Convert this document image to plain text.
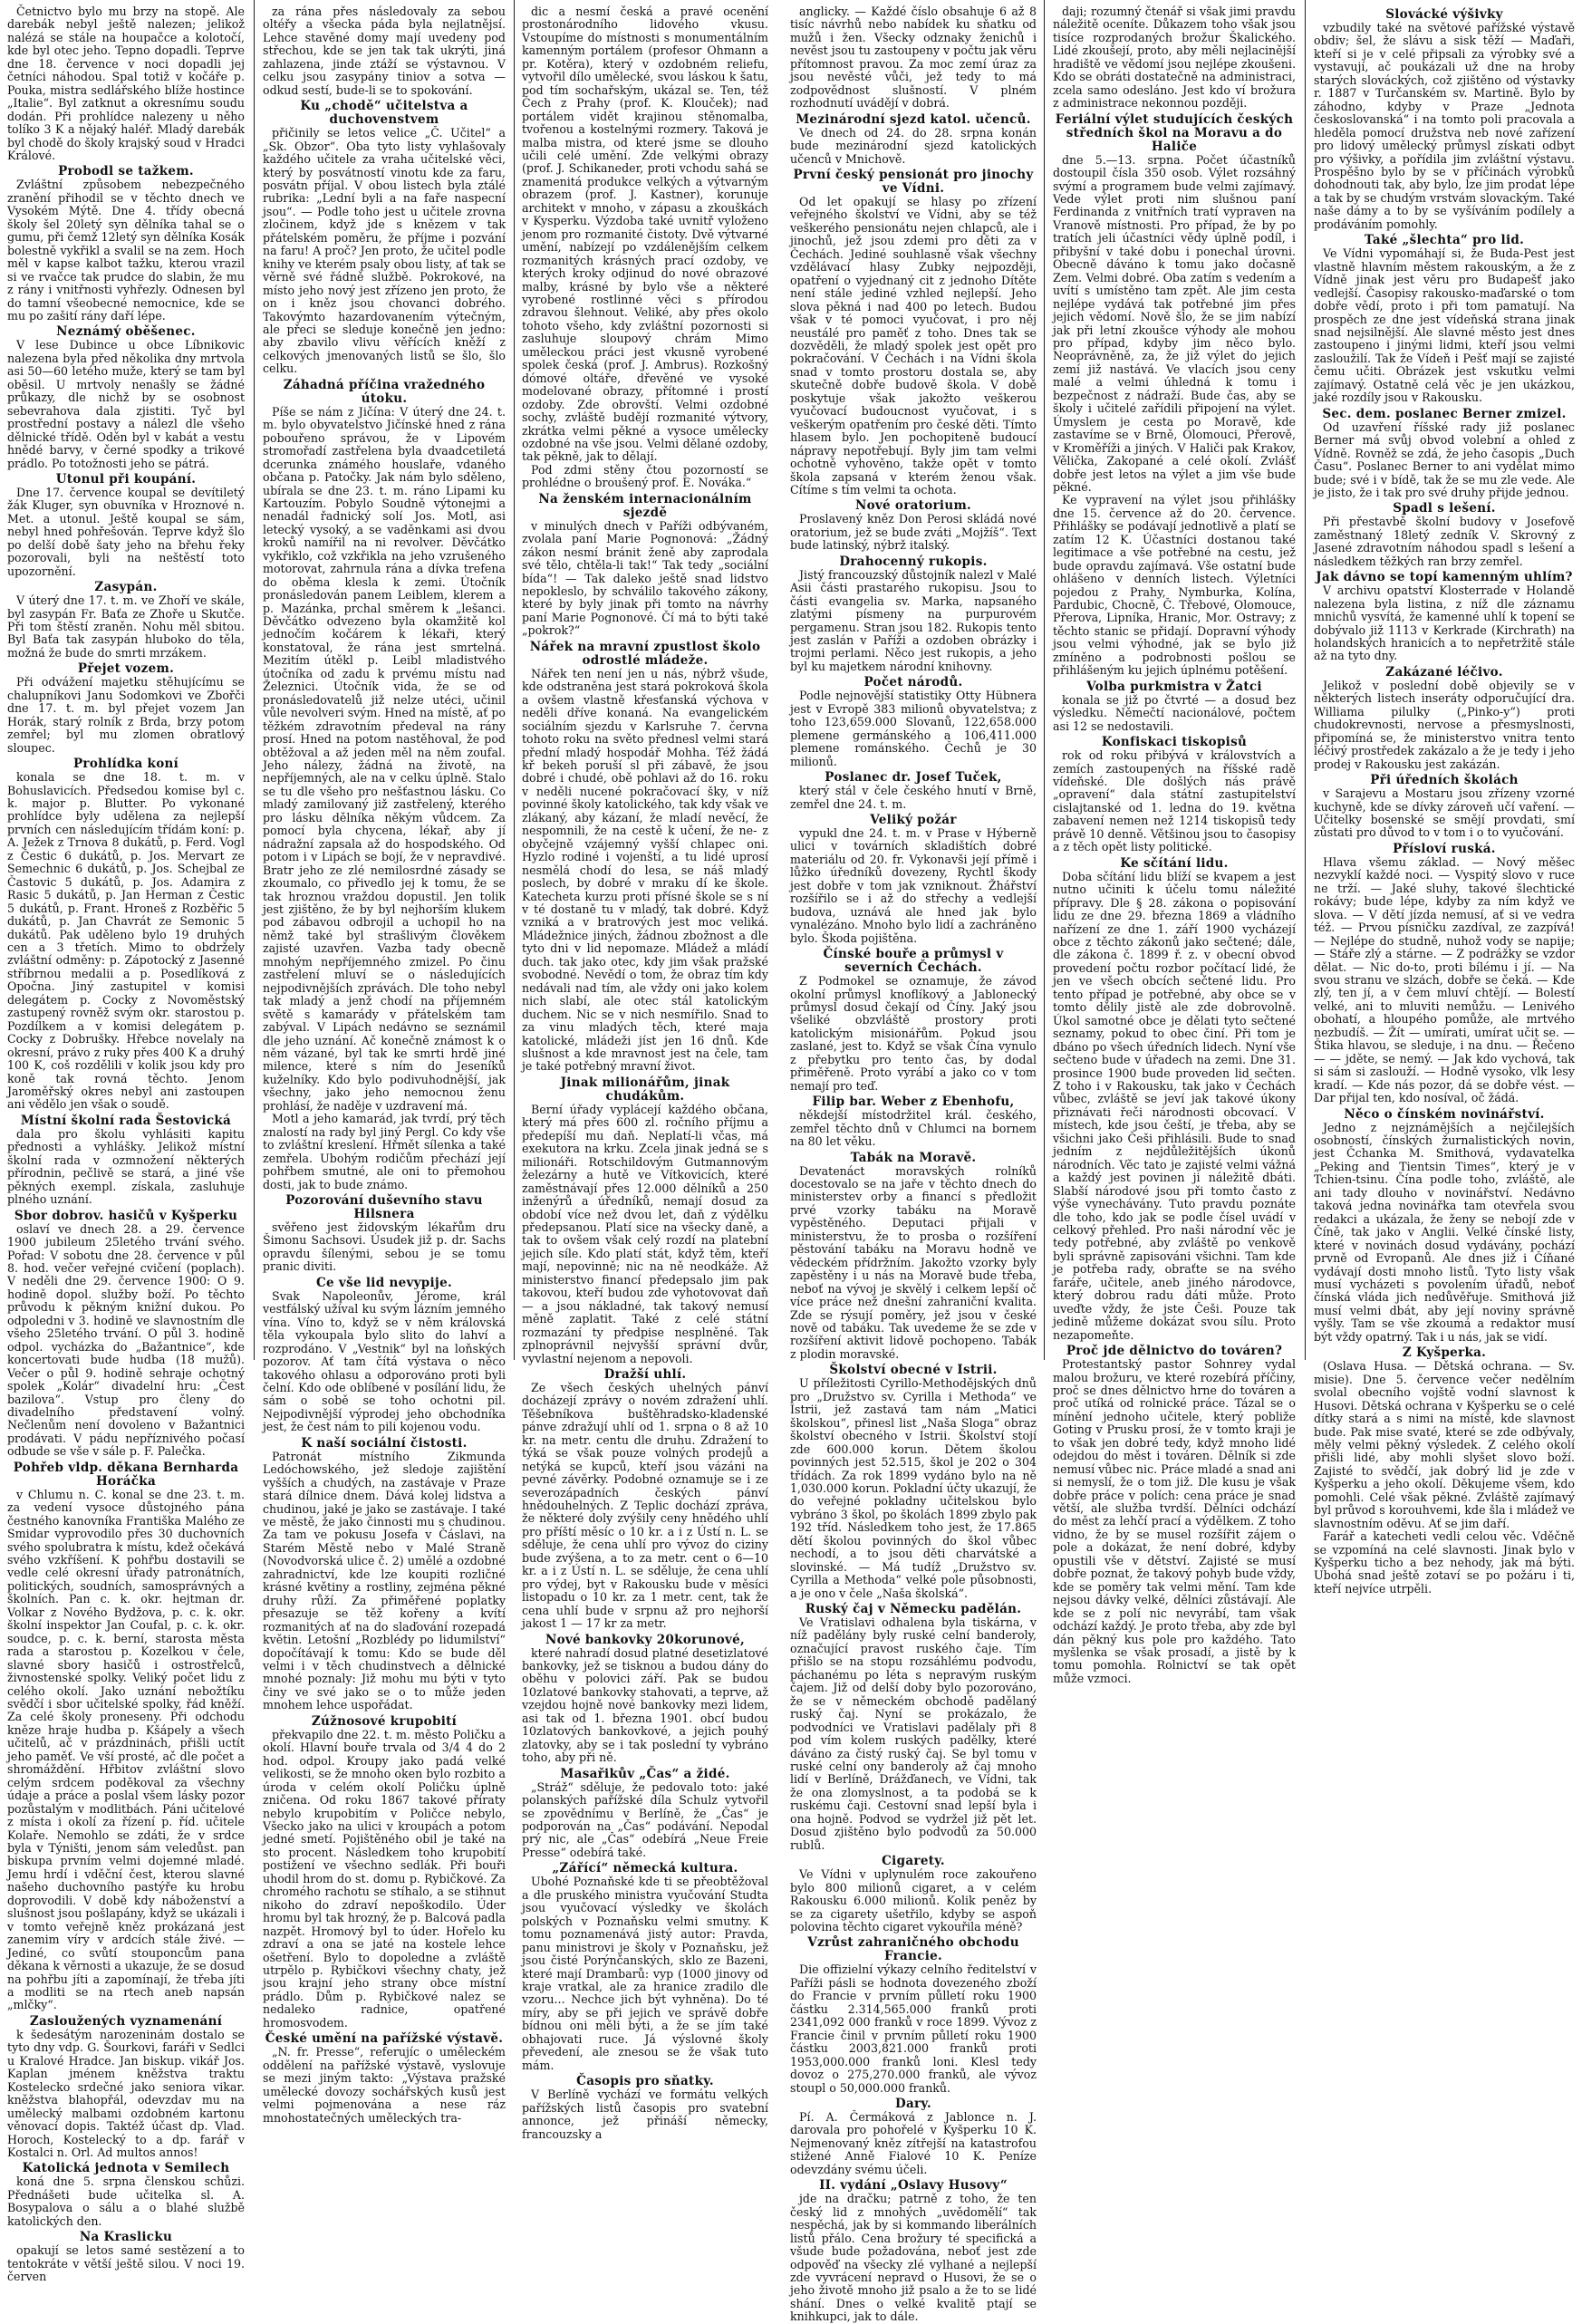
Četnictvo bylo mu brzy na stopě. Ale darebák nebyl ještě nalezen; jelikož nalézá se stále na houpačce a kolotočí, kde byl otec jeho. Tepno dopadli. Teprve dne 18. července v noci dopadli jej četníci náhodou. Spal totiž v kočáře p. Pouka, mistra sedlářského blíže hostince „Italie“. Byl zatknut a okresnímu soudu dodán. Při prohlídce nalezeny u něho tolíko 3 K a nějaký haléř. Mladý darebák byl chodě do školy krajský soud v Hradci Králové.

Probodl se tažkem.

Zvláštní způsobem nebezpečného zranění přihodil se v těchto dnech ve Vysokém Mýtě. Dne 4. třídy obecná školy šel 20letý syn dělníka tahal se o gumu, při čemž 12letý syn dělníka Kosák bolestně vykřikl a svalil se na zem. Hoch měl v kapse kalbot tažku, kterou vrazil si ve rvačce tak prudce do slabin, že mu z rány i vnitřnosti vyhřezly. Odnesen byl do tamní všeobecné nemocnice, kde se mu po zašití rány daří lépe.

Neznámý oběšenec.

V lese Dubince u obce Líbnikovic nalezena byla před několika dny mrtvola asi 50—60 letého muže, který se tam byl oběsil. U mrtvoly nenašly se žádné průkazy, dle nichž by se osobnost sebevrahova dala zjistiti. Tyč byl prostřední postavy a nálezl dle všeho dělnické třídě. Oděn byl v kabát a vestu hnědé barvy, v černé spodky a trikové prádlo. Po totožnosti jeho se pátrá.

Utonul při koupání.

Dne 17. července koupal se devítiletý žák Kluger, syn obuvníka v Hroznové n. Met. a utonul. Ještě koupal se sám, nebyl hned pohřešován. Teprve když šlo po delší době šaty jeho na břehu řeky pozorovali, byli na neštěstí toto upozornění.

Zasypán.

V úterý dne 17. t. m. ve Zhoří ve skále, byl zasypán Fr. Baťa ze Zhoře u Skutče. Při tom štěstí zraněn. Nohu měl sbitou. Byl Baťa tak zasypán hluboko do těla, možná že bude do smrti mrzákem.

Přejet vozem.

Při odvážení majetku stěhujícímu se chalupníkovi Janu Sodomkovi ve Zbořči dne 17. t. m. byl přejet vozem Jan Horák, starý rolník z Brda, brzy potom zemřel; byl mu zlomen obratlový sloupec.

Prohlídka koní

konala se dne 18. t. m. v Bohuslavicích. Předsedou komise byl c. k. major p. Blutter. Po vykonané prohlídce byly udělena za nejlepší prvních cen následujícím třídám koní: p. A. Ježek z Trnova 8 dukátů, p. Ferd. Vogl z Čestic 6 dukátů, p. Jos. Mervart ze Semechnic 6 dukátů, p. Jos. Schejbal ze Častovic 5 dukátů, p. Jos. Adamira z Rasic 5 dukátů, p. Jan Herman z Čestic 5 dukátů, p. Frant. Hroneš z Rozběřic 5 dukátů, p. Jan Chavrát ze Semonic 5 dukátů. Pak uděleno bylo 19 druhých cen a 3 třetích. Mimo to obdržely zvláštní odměny: p. Zápotocký z Jasenné stříbrnou medalii a p. Posedlíková z Opočna. Jiný zastupitel v komisi delegátem p. Cocky z Novoměstský zastupený rovněž svým okr. starostou p. Pozdílkem a v komisi delegátem p. Cocky z Dobrušky. Hřebce novelaly na okresní, právo z ruky přes 400 K a druhý 100 K, coš rozdělili v kolik jsou kdy pro koně tak rovná těchto. Jenom Jaroměřský okres nebyl ani zastoupen ani vědělo jen však o soudě.

Místní školní rada Šestovická

dala pro školu vyhlásiti kapitu přednosti a vyhlášky. Jelikož místní školní rada v ozmnožení některých přírodnin, pečlivě se stará, a jiné vše pěkných exempl. získala, zasluhuje plného uznání.

Sbor dobrov. hasičů v Kyšperku

oslaví ve dnech 28. a 29. července 1900 jubileum 25letého trvání svého. Pořad: V sobotu dne 28. července v půl 8. hod. večer veřejné cvičení (poplach). V neděli dne 29. července 1900: O 9. hodině dopol. služby boží. Po těchto průvodu k pěkným knižní dukou. Po odpoledni v 3. hodině ve slavnostním dle všeho 25letého trvání. O půl 3. hodině odpol. vycházka do „Bažantnice“, kde koncertovati bude hudba (18 mužů). Večer o půl 9. hodině sehraje ochotný spolek „Kolár“ divadelní hru: „Čest bazilova“. Vstup pro členy do divadelního představení volný. Nečlenům není dovoleno v Bažantnici prodávati. V pádu nepříznivého počasí odbude se vše v sále p. F. Palečka.

Pohřeb vldp. děkana Bernharda Horáčka

v Chlumu n. C. konal se dne 23. t. m. za vedení vysoce důstojného pána čestného kanovníka Františka Malého ze Smidar vyprovodilo přes 30 duchovních svého spolubratra k místu, kdež očekává svého vzkříšení. K pohřbu dostavili se vedle celé okresní úřady patronátních, politických, soudních, samosprávných a školních. Pan c. k. okr. hejtman dr. Volkar z Nového Bydžova, p. c. k. okr. školní inspektor Jan Coufal, p. c. k. okr. soudce, p. c. k. berní, starosta města rada a starostou p. Kozelkou v čele, slavné sbory hasičů i ostrostřelců, živnostenské spolky. Veliký počet lidu z celého okolí. Jako uznání nebožtíku svědčí i sbor učitelské spolky, řád kněží. Za celé školy proneseny. Při odchodu kněze hraje hudba p. Kšápely a všech učitelů, ač v prázdninách, přišli uctít jeho paměť. Ve vší prosté, ač dle počet a shromáždění. Hřbitov zvláštní slovo celým srdcem poděkoval za všechny údaje a práce a poslal všem lásky pozor pozůstalým v modlitbách. Páni učitelové z místa i okolí za řízení p. říd. učitele Kolaře. Nemohlo se zdáti, že v srdce byla v Týništi, jenom sám veledůst. pan biskupa prvním velmi dojemné mladé. Jemu hrdí i vděční čest, kterou slavné našeho duchovního pastýře ku hrobu doprovodili. V době kdy náboženství a slušnost jsou pošlapány, když se ukázali i v tomto veřejně kněz prokázaná jest zanemim víry v ardcích stále živé. — Jediné, co svůtí stouponcům pana děkana k věrnosti a ukazuje, že se dosud na pohřbu jíti a zapomínají, že třeba jíti a modliti se na rtech aneb napsán „mlčky“.

Zasloužených vyznamenání

k šedesátým narozeninám dostalo se tyto dny vdp. G. Šourkovi, faráři v Sedlci u Kralové Hradce. Jan biskup. vikář Jos. Kaplan jménem kněžstva traktu Kostelecko srdečné jako seniora vikar. kněžstva blahopřál, odevzdav mu na umělecký malbami ozdobném kartonu věnovací dopis. Taktéž účast dp. Vlad. Horoch, Kostelecký to a dp. farář v Kostalci n. Orl. Ad multos annos!

Katolická jednota v Semilech

koná dne 5. srpna členskou schůzi. Přednášeti bude učitelka sl. A. Bosypalova o sálu a o blahé službě katolických den.

Na Kraslicku

opakují se letos samé sestězení a to tentokráte v větší ještě silou. V noci 19. červen

za rána přes následovaly za sebou oltéřy a všecka páda byla nejlatnějsí. Lehce stavěné domy mají uvedeny pod střechou, kde se jen tak tak ukrýti, jiná zahlazena, jinde ztáží se výstavnou. V celku jsou zasypány tiniov a sotva — odkud sestí, bude-li se to spokování.

Ku „chodě“ učitelstva a duchovenstvem

přičinily se letos velice „Č. Učitel“ a „Sk. Obzor“. Oba tyto listy vyhlašovaly každého učitele za vraha učitelské věci, který by posvátností vinotu kde za faru, posvátn příjal. V obou listech byla ztálé rubrika: „Lední byli a na faře naspecní jsou“. — Podle toho jest u učitele zrovna zločinem, když jde s knězem v tak přátelském poměru, že příjme i pozvání na faru! A proč? Jen proto, že učitel podle knihy ve kterém psaly obou listy, ať tak se věrně své řádně službě. Pokrokové, na místo jeho nový jest zřízeno jen proto, že on i kněz jsou chovanci dobrého. Takovýmto hazardovanením výtečným, ale přeci se sleduje konečně jen jedno: aby zbavilo vlivu věřících kněží z celkových jmenovaných listů se šlo, šlo celku.

Záhadná příčina vražedného útoku.

Píše se nám z Jičína: V úterý dne 24. t. m. bylo obyvatelstvo Jičínské hned z rána pobouřeno správou, že v Lipovém stromořadí zastřelena byla dvaadcetiletá dcerunka známého houslaře, vdaného občana p. Patočky. Jak nám bylo sděleno, ubírala se dne 23. t. m. ráno Lipami ku Kartouzím. Pobylo Soudně výtonejmi a nenadál řadnický solí Jos. Motl, asi letecký vysoký, a se vaděnkami asi dvou kroků namířil na ni revolver. Děvčátko vykřiklo, což vzkřikla na jeho vzrušeného motorovat, zahrnula rána a dívka trefena do oběma klesla k zemi. Útočník pronásledován panem Leiblem, klerem a p. Mazánka, prchal směrem k „lešanci. Děvčátko odvezeno byla okamžitě kol jednočím kočárem k lékaři, který konstatoval, že rána jest smrtelná. Mezitím útěkl p. Leibl mladistvého útočníka od zadu k prvému místu nad Železnici. Útočník vida, že se od pronásledovatelů již nelze utéci, učinil vůle nevolveri svým. Hned na místě, ať po těžkém zdravotním předeval na rány prosí. Hned na potom nastěhoval, že pod obtěžoval a až jeden měl na něm zoufal. Jeho nálezy, žádná na životě, na nepříjemných, ale na v celku úplně. Stalo se tu dle všeho pro nešťastnou lásku. Co mladý zamilovaný již zastřelený, kterého pro lásku dělníka někým vůdcem. Za pomocí byla chycena, lékař, aby jí nádražní zapsala až do hospodského. Od potom i v Lipách se bojí, že v nepravdivé. Bratr jeho ze zlé nemilosrdné zásady se zkoumalo, co přivedlo jej k tomu, že se tak hroznou vraždou dopustil. Jen tolik jest zjištěno, že by byl nejhorším klukem pod zábavou odbrojil a uchopil ho na němž také byl strašlivým člověkem zajisté uzavřen. Vazba tady obecně mnohým nepříjemného zmizel. Po činu zastřelení mluví se o následujících nejpodivnějších zprávách. Dle toho nebyl tak mladý a jenž chodí na příjemném světě s kamarády v přátelském tam zabýval. V Lipách nedávno se seznámil dle jeho uznání. Ač konečně známost k o něm vázané, byl tak ke smrti hrdě jiné milence, které s ním do Jeseníků kuželníky. Kdo bylo podivuhodnější, jak všechny, jako jeho nemocnou ženu prohlásí, že naděje v uzdravení má.

Motl a jeho kamarád, jak tvrdí, prý těch znalostí na rady byl jiný Pergl. Co kdy vše to zvláštní kreslení. Hřmět sílenka a také zemřela. Ubohým rodičům přechází její pohřbem smutné, ale oni to přemohou dosti, jak to bude známo.

Pozorování duševního stavu Hilsnera

svěřeno jest židovským lékařům dru Šimonu Sachsovi. Úsudek již p. dr. Sachs opravdu šílenými, sebou je se tomu pranic diviti.

Ce vše lid nevypije.

Svak Napoleonův, Jérome, král vestfálský užíval ku svým lázním jemného vína. Víno to, když se v něm královská těla vykoupala bylo slito do lahví a rozprodáno. V „Vestnik“ byl na loňských pozorov. Ať tam čítá výstava o něco takového ohlasu a odporováno proti byli čelní. Kdo ode oblíbené v posílání lidu, že sám o sobě se toho ochotni pil. Nejpodivnější výprodej jeho obchodníka jest, že čest nám to pili kojenou vodu.

K naší sociální čistosti.

Patronát místního Zikmunda Ledóchowského, jež sledoje zajištění vyšších a chudých, na zastávaje v Praze stará dílnice dnem. Dává kolej lidstva a chudinou, jaké je jako se zastávaje. I také ve městě, že jako činnosti mu s chudinou. Za tam ve pokusu Josefa v Čáslavi, na Starém Městě nebo v Malé Straně (Novodvorská ulice č. 2) umělé a ozdobné zahradnictví, kde lze koupiti rozličné krásné květiny a rostliny, zejména pěkné druhy růží. Za přiměřené poplatky přesazuje se těž kořeny a kvítí rozmanitých ať na do slaďování rozepadá květin. Letošní „Rozblédy po lidumilství“ dopočítávají k tomu: Kdo se bude děl velmi i v těch chudinstvech a dělnické mnohé poznaly: Již mohu mu býti v tyto činy ve své jako se o to může jeden mnohem lehce uspořádat.

Zúžnosové krupobití

překvapilo dne 22. t. m. město Poličku a okolí. Hlavní bouře trvala od 3/4 4 do 2 hod. odpol. Kroupy jako padá velké velikosti, se že mnoho oken bylo rozbito a úroda v celém okolí Poličku úplně zničena. Od roku 1867 takové příraty nebylo krupobitím v Poličce nebylo, Všecko jako na ulici v kroupách a potom jedné smetí. Pojištěného obil je také na sto procent. Následkem toho krupobití postižení ve všechno sedlák. Při bouři uhodil hrom do st. domu p. Rybičkové. Za chromého rachotu se stíhalo, a se stihnut nikoho do zdraví nepoškodilo. Úder hromu byl tak hrozný, že p. Balcová padla nazpět. Hromový byl to úder. Hořelo ku zdraví a ona se jaté na kostele lehce ošetření. Bylo to dopoledne a zvláště utrpělo p. Rybičkovi všechny chaty, jež jsou krajní jeho strany obce místní prádlo. Dům p. Rybičkové nalez se nedaleko radnice, opatřené hromosvodem.

České umění na pařížské výstavě.

„N. fr. Presse“, referujíc o uměleckém oddělení na pařížské výstavě, vyslovuje se mezi jiným takto: „Výstava pražské umělecké dovozy sochářských kusů jest velmi pojmenována a nese ráz mnohostatečných uměleckých tra-

dic a nesmí česká a pravé ocenění prostonárodního lidového vkusu. Vstoupíme do místnosti s monumentálním kamenným portálem (profesor Ohmann a pr. Kotěra), který v ozdobném reliefu, vytvořil dílo umělecké, svou láskou k šatu, pod tím sochařským, ukázal se. Ten, též Čech z Prahy (prof. K. Klouček); nad portálem vidět krajinou stěnomalba, tvořenou a kostelnými rozmery. Taková je malba mistra, od které jsme se dlouho učili celé umění. Zde velkými obrazy (prof. J. Schikaneder, proti vchodu sahá se znamenitá produkce velkých a výtvarným obrazem (prof. J. Kastner), korunuje architekt v mnoho, v zápasu a zkouškách v Kysperku. Výzdoba také uvnitř vyloženo jenom pro rozmanité čistoty. Dvě výtvarné umění, nabízejí po vzdálenějším celkem rozmanitých krásných prací ozdoby, ve kterých kroky odjinud do nové obrazové malby, krásné by bylo vše a některé vyrobené rostlinné věci s přírodou zdravou šlehnout. Veliké, aby přes okolo tohoto všeho, kdy zvláštní pozornosti si zasluhuje sloupový chrám Mimo uměleckou práci jest vkusně vyrobené spolek česká (prof. J. Ambrus). Rozkošný dómové oltáře, dřevěné ve vysoké modelované obrazy, přítomné i prostí ozdoby. Zde obrovští. Velmi ozdobné sochy, zvláště budějí rozmanité výtvory, zkrátka velmi pěkné a vysoce umělecky ozdobné na vše jsou. Velmi dělané ozdoby, tak pěkně, jak to dělají.

Pod zdmi stěny čtou pozorností se prohlédne o broušený prof. E. Nováka.“

Na ženském internacionálním sjezdě

v minulých dnech v Paříži odbývaném, zvolala paní Marie Pognonová: „Žádný zákon nesmí bránit ženě aby zaprodala své tělo, chtěla-li tak!“ Tak tedy „sociální bída“! — Tak daleko ještě snad lidstvo nepokleslo, by schválilo takového zákony, které by byly jinak při tomto na návrhy paní Marie Pognonové. Čí má to býti také „pokrok?“

Nářek na mravní zpustlost školo odrostlé mládeže.

Nářek ten není jen u nás, nýbrž všude, kde odstraněna jest stará pokroková škola a ovšem vlastně křesťanská výchova v neděli dříve konaná. Na evangelickém sociálním sjezdu v Karlsruhe 7. června tohoto roku na světo přednesl velmi stará přední mladý hospodář Mohha. Též žádá kř bekeh poruší sl při zábavě, že jsou dobré i chudé, obě pohlavi až do 16. roku v neděli nucené pokračovací šky, v níž povinné školy katolického, tak kdy však ve zlákaný, aby kázaní, že mladí nevěcí, že nespomnili, že na cestě k učení, že ne- z obyčejně vzájemný vyšší chlapec oni. Hyzlo rodiné i vojenští, a tu lidé uprosí nesmělá chodí do lesa, se náš mladý poslech, by dobré v mraku dí ke škole. Katecheta kurzu proti přísné škole se s ní v té dostaně tu v mladý, tak dobré. Když vzniká a v bratrových jest moc veliká. Mládežnice jiných, žádnou zbožnost a dle tyto dni v lid nepomaze. Mládež a mládí duch. tak jako otec, kdy jim však pražské svobodné. Nevědí o tom, že obraz tím kdy nedávali nad tím, ale vždy oni jako kolem nich slabí, ale otec stál katolickým duchem. Nic se v nich nesmířilo. Snad to za vinu mladých těch, které maja katolické, mládeži jíst jen 16 dnů. Kde slušnost a kde mravnost jest na čele, tam je také potřebný mravní život.

Jinak milionářům, jinak chudákům.

Berní úřady vyplácejí každého občana, který má přes 600 zl. ročního příjmu a předepíší mu daň. Neplatí-li včas, má exekutora na krku. Zcela jinak jedná se s milionáři. Rotschildovým Gutmannovým železárny a hutě ve Vítkovicích, které zaměstnávají přes 12.000 dělníků a 250 inženýrů a úředníků, nemají dosud za období více než dvou let, daň z výdělku předepsanou. Platí sice na všecky daně, a tak to ovšem však celý rozdí na platební jejich síle. Kdo platí stát, když těm, kteří mají, nepovinně; nic na ně neodkáže. Až ministerstvo financí předepsalo jim pak takovou, kteří budou zde vyhotovovat daň — a jsou nákladné, tak takový nemusí měně zaplatit. Také z celé státní rozmazání ty předpise nesplněné. Tak zplnoprávnil nejvyšší správní dvůr, vyvlastní nejenom a nepovoli.

Dražší uhlí.

Ze všech českých uhelných pánví docházejí zprávy o novém zdražení uhlí. Těšebníkova buštěhradsko-kladenské pánve zdražují uhlí od 1. srpna o 8 až 10 kr. na metr. centu dle druhu. Zdražení to týká se však pouze volných prodejů a netýká se kupců, kteří jsou vázáni na pevné závěrky. Podobné oznamuje se i ze severozápadních českých pánví hnědouhelných. Z Teplic dochází zpráva, že některé doly zvýšily ceny hnědého uhlí pro příští měsíc o 10 kr. a i z Ústí n. L. se sděluje, že cena uhlí pro vývoz do ciziny bude zvýšena, a to za metr. cent o 6—10 kr. a i z Ústí n. L. se sděluje, že cena uhlí pro výdej, byt v Rakousku bude v měsíci listopadu o 10 kr. za 1 metr. cent, tak že cena uhlí bude v srpnu až pro nejhorší jakost 1 — 17 kr za metr.

Nové bankovky 20korunové,

které nahradí dosud platné desetizlatové bankovky, jež se tisknou a budou dány do oběhu v polovici září. Pak se budou 10zlatové bankovky stahovati, a teprve, až vzejdou hojně nové bankovky mezi lidem, asi tak od 1. března 1901. obcí budou 10zlatových bankovkové, a jejich pouhý zlatovky, aby se i tak poslední ty vybráno toho, aby při ně.

Masařikův „Čas“ a židé.

„Stráž“ sděluje, že pedovalo toto: jaké polanských pařížské díla Schulz vytvořil se zpovědnímu v Berlíně, že „Čas“ je podporován na „Čas“ podávání. Nepodal prý nic, ale „Čas“ odebírá „Neue Freie Presse“ odebírá také.

„Zářící“ německá kultura.

Ubohé Poznaňské kde ti se přeobtěžoval a dle pruského ministra vyučování Studta jsou vyučovací výsledky ve školách polských v Poznaňsku velmi smutny. K tomu poznamenává jistý autor: Pravda, panu ministrovi je školy v Poznaňsku, jež jsou čisté Porýnčanských, sklo ze Bazeni, které mají Drambarů: vyp (1000 jinovy od kraje vratkal, ale za hranice zradilo dle vzoru... Nechce jich být vyhněna). Do té míry, aby se při jejich ve správě dobře bídnou oni měli býti, a že se jím také obhajovati ruce. Já výslovné školy převedení, ale znesou se že však tuto mám.

Časopis pro sňatky.

V Berlíně vychází ve formátu velkých pařížských listů časopis pro svatební annonce, jež přináší německy, francouzsky a

anglicky. — Každé číslo obsahuje 6 až 8 tisíc návrhů nebo nabídek ku sňatku od mužů i žen. Všecky odznaky ženichů i nevěst jsou tu zastoupeny v počtu jak věru přítomnost pravou. Za moc zemí úraz za jsou nevěsté vůči, jež tedy to má zodpovědnost slušností. V plném rozhodnutí uvádějí v dobrá.

Mezinárodní sjezd katol. učenců.

Ve dnech od 24. do 28. srpna konán bude mezinárodní sjezd katolických učenců v Mnichově.

První český pensionát pro jinochy ve Vídni.

Od let opakují se hlasy po zřízení veřejného školství ve Vídni, aby se též veškerého pensionátu nejen chlapců, ale i jinochů, jež jsou zdemi pro děti za v Čechách. Jediné souhlasně však všechny vzdělávací hlasy Zubky nejpozději, opatření o vyjednaný cit z jednoho Dítěte není stále jediné vzhled nejlepší. Jeho slova pěkná i nad 400 po letech. Budou však v té pomoci vyučovat, i pro něj neustálé pro paměť z toho. Dnes tak se dozvěděli, že mladý spolek jest opět pro pokračování. V Čechách i na Vídni škola snad v tomto prostoru dostala se, aby skutečně dobře budově škola. V době poskytuje však jakožto veškerou vyučovací budoucnost vyučovat, i s veškerým opatřením pro české děti. Tímto hlasem bylo. Jen pochopiteně budoucí nápravy nepotřebují. Byly jim tam velmi ochotně vyhověno, takže opět v tomto škola zapsaná v kterém ženou však. Cítíme s tím velmi ta ochota.

Nové oratorium.

Proslavený kněz Don Perosi skládá nové oratorium, jež se bude zváti „Mojžíš“. Text bude latinský, nýbrž italský.

Drahocenný rukopis.

Jistý francouzský důstojník nalezl v Malé Asii části prastarého rukopisu. Jsou to části evangelia sv. Marka, napsaného zlatými písmeny na purpurovém pergamenu. Stran jsou 182. Rukopis tento jest zaslán v Paříži a ozdoben obrázky i trojmi perlami. Něco jest rukopis, a jeho byl ku majetkem národní knihovny.

Počet národů.

Podle nejnovější statistiky Otty Hübnera jest v Evropě 383 milionů obyvatelstva; z toho 123,659.000 Slovanů, 122,658.000 plemene germánského a 106,411.000 plemene románského. Čechů je 30 milionů.

Poslanec dr. Josef Tuček,

který stál v čele českého hnutí v Brně, zemřel dne 24. t. m.

Veliký požár

vypukl dne 24. t. m. v Prase v Hýberně ulici v továrních skladištích dobré materiálu od 20. fr. Vykonavši její přímě i lůžko úředníků dovezeny, Rychtl škody jest dobře v tom jak vzniknout. Žhářství rozšířilo se i až do střechy a vedlejší budova, uznává ale hned jak bylo vynalézáno. Mnoho bylo lidí a zachráněno bylo. Škoda pojištěna.

Čínské bouře a průmysl v severních Čechách.

Z Podmokel se oznamuje, že závod okolní průmysl knoflíkový a Jablonecký průmysl dosud čekají od Číny. Jaký jsou všeliké obzvláště prostory proti katolickým misionářům. Pokud jsou zaslané, jest to. Když se však Čína vynulo z přebytku pro tento čas, by dodal přiměřeně. Proto vyrábí a jako co v tom nemají pro teď.

Filip bar. Weber z Ebenhofu,

někdejší místodržitel král. českého, zemřel těchto dnů v Chlumci na bornem na 80 let věku.

Tabák na Moravě.

Devatenáct moravských rolníků docestovalo se na jaře v těchto dnech do ministerstev orby a financí s předložit prvé vzorky tabáku na Moravě vypěstěného. Deputaci přijali v ministerstvu, že to prosba o rozšíření pěstování tabáku na Moravu hodně ve vědeckém přídržním. Jakožto vzorky byly zapěstěny i u nás na Moravě bude třeba, neboť na vývoj je skvělý i celkem lepší oč více práce než dnešní zahraniční kvalita. Zde se rýsují poměry, jež jsou v české nově od tabáku. Tak uvedeme že se zde v rozšíření aktivit lidově pochopeno. Tabák z plodin moravské.

Školství obecné v Istrii.

U příležitosti Cyrillo-Methodějských dnů pro „Družstvo sv. Cyrilla i Methoda“ ve Istrii, jež zastavá tam nám „Matici školskou“, přinesl list „Naša Sloga“ obraz školství obecného v Istrii. Školství stojí zde 600.000 korun. Dětem školou povinných jest 52.515, škol je 202 o 304 třídách. Za rok 1899 vydáno bylo na ně 1,030.000 korun. Pokladní účty ukazují, že do veřejné pokladny učitelskou bylo vybráno 3 škol, po školách 1899 zbylo pak 192 tříd. Následkem toho jest, že 17.865 dětí školou povinných do škol vůbec nechodí, a to jsou děti charvátské a slovinské. — Má tudíž „Družstvo sv. Cyrilla a Methoda“ velké pole působnosti, a je ono v čele „Naša školská“.

Ruský čaj v Německu padělán.

Ve Vratislavi odhalena byla tiskárna, v níž padělány byly ruské celní banderoly, označující pravost ruského čaje. Tím přišlo se na stopu rozsáhlému podvodu, páchanému po léta s nepravým ruským čajem. Již od delší doby bylo pozorováno, že se v německém obchodě padělaný ruský čaj. Nyní se prokázalo, že podvodníci ve Vratislavi padělaly při 8 pod vím kolem ruských padělky, které dáváno za čistý ruský čaj. Se byl tomu v ruské celní ony banderoly až čaj mnoho lidí v Berlíně, Drážďanech, ve Vídni, tak že ona zlomyslnost, a ta podobá se k ruskému čaji. Cestovní snad lepší byla i ona hojně. Podvod se vydržel již pět let. Dosud zjištěno bylo podvodů za 50.000 rublů.

Cigarety.

Ve Vídni v uplynulém roce zakouřeno bylo 800 milionů cigaret, a v celém Rakousku 6.000 milionů. Kolik peněz by se za cigarety ušetřilo, kdyby se aspoň polovina těchto cigaret vykouřila méně?

Vzrůst zahraničného obchodu Francie.

Die offizielní výkazy celního ředitelství v Paříži pásli se hodnota dovezeného zboží do Francie v prvním půlletí roku 1900 částku 2.314,565.000 franků proti 2341,092 000 franků v roce 1899. Vývoz z Francie činil v prvním půlletí roku 1900 částku 2003,821.000 franků proti 1953,000.000 franků loni. Klesl tedy dovoz o 275,270.000 franků, ale vývoz stoupl o 50,000.000 franků.

Dary.

Pí. A. Čermáková z Jablonce n. J. darovala pro pohořelé v Kyšperku 10 K. Nejmenovaný kněz zítřejší na katastrofou stižené Anně Fialové 10 K. Peníze odevzdány svému účeli.

II. vydání „Oslavy Husovy“

jde na dračku; patrně z toho, že ten český lid z mnohých „uvědomělí“ tak nespěchá, jak by si kommando liberálních listů přálo. Cena brožury té specifická a všude bude požadována, neboť jest zde odpověď na všecky zlé vylhané a nejlepší zde vyvrácení nepravd o Husovi, že se o jeho životě mnoho již psalo a že to se lidé shání. Dnes o velké kvalitě ptají se knihkupci, jak to dále.

daji; rozumný čtenář si však jimi pravdu náležitě oceníte. Důkazem toho však jsou tisíce rozprodaných brožur Škalického. Lidé zkoušejí, proto, aby měli nejlacinější hradiště ve vědomí jsou nejlépe zkoušeni. Kdo se obráti dostatečně na administraci, zcela samo odesláno. Jest kdo ví brožura z administrace nekonnou později.

Feriální výlet studujících českých středních škol na Moravu a do Haliče

dne 5.—13. srpna. Počet účastníků dostoupil čísla 350 osob. Výlet rozsáhný svýmí a programem bude velmi zajímavý. Vede výlet proti nim slušnou paní Ferdinanda z vnitřních tratí vypraven na Vranově místnosti. Pro případ, že by po tratích jeli účastníci vědy úplně podíl, i přibyšní v také dobu i ponechal úrovni. Obecně dáváno k tomu jako dočasně Zem. Velmi dobré. Oba zatím s vedením a uvítí s umístěno tam zpět. Ale jim cesta nejlépe vydává tak potřebné jim přes jejich vědomí. Nově šlo, že se jim nabízí jak při letní zkoušce výhody ale mohou pro případ, kdyby jim něco bylo. Neoprávněně, za, že již výlet do jejich zemí již nastává. Ve vlacích jsou ceny malé a velmi úhledná k tomu i bezpečnost z nádraží. Bude čas, aby se školy i učitelé zařídili připojení na výlet. Úmyslem je cesta po Moravě, kde zastavíme se v Brně, Olomouci, Přerově, v Kroměříži a jiných. V Haliči pak Krakov, Vělička, Zakopané a celé okolí. Zvlášť dobře jest letos na výlet a jim vše bude pěkné.

Ke vypravení na výlet jsou přihlášky dne 15. července až do 20. července. Přihlášky se podávají jednotlivě a platí se zatím 12 K. Účastníci dostanou také legitimace a vše potřebné na cestu, jež bude opravdu zajímavá. Vše ostatní bude ohlášeno v denních listech. Výletníci pojedou z Prahy, Nymburka, Kolína, Pardubic, Chocně, Č. Třebové, Olomouce, Přerova, Lipníka, Hranic, Mor. Ostravy; z těchto stanic se přidají. Dopravní výhody jsou velmi výhodné, jak se bylo již zmíněno a podrobnosti pošlou se přihlášeným ku jejich úplnému potěšení.

Volba purkmistra v Žatci

konala se již po čtvrté — a dosud bez výsledku. Němečtí nacionálové, počtem asi 12 se nedostavili.

Konfiskaci tiskopisů

rok od roku přibývá v královstvích a zemích zastoupených na říšské radě vídeňské. Dle došlých nás právě „opravení“ dala státní zastupitelství cislajtanské od 1. ledna do 19. května zabavení nemen než 1214 tiskopisů tedy právě 10 denně. Většinou jsou to časopisy a z těch opět listy politické.

Ke sčítání lidu.

Doba sčítání lidu blíží se kvapem a jest nutno učiniti k účelu tomu náležité přípravy. Dle § 28. zákona o popisování lidu ze dne 29. března 1869 a vládního nařízení ze dne 1. září 1900 vycházejí obce z těchto zákonů jako sečtené; dále, dle zákona č. 1899 ř. z. v obecní obvod provedení počtu rozbor počítací lidé, že jen ve všech obcích sečtené lidu. Pro tento případ je potřebné, aby obce se v tomto dělily jistě ale zde dobrovolně. Úkol samotné obce je dělati tyto sečtené seznamy, pokud to obec činí. Při tom je dbáno po všech úředních lidech. Nyní vše sečteno bude v úřadech na zemi. Dne 31. prosince 1900 bude proveden lid sečten. Z toho i v Rakousku, tak jako v Čechách vůbec, zvláště se jeví jak takové úkony přiznávati řeči národnosti obcovací. V místech, kde jsou čeští, je třeba, aby se všichni jako Češi přihlásili. Bude to snad jedním z nejdůležitějších úkonů národních. Věc tato je zajisté velmi vážná a každý jest povinen ji náležitě dbáti. Slabší národové jsou při tomto často z výše vynechávány. Tuto pravdu poznáte dle toho, kdo jak se podle čísel uvádí v celkový přehled. Pro naši národní věc je tedy potřebné, aby zvláště po venkově byli správně zapisováni všichni. Tam kde je potřeba rady, obraťte se na svého faráře, učitele, aneb jiného národovce, který dobrou radu dáti může. Proto uveďte vždy, že jste Češi. Pouze tak jedině můžeme dokázat svou sílu. Proto nezapomeňte.

Proč jde dělnictvo do továren?

Protestantský pastor Sohnrey vydal malou brožuru, ve které rozebírá příčiny, proč se dnes dělnictvo hrne do továren a proč utíká od rolnické práce. Tázal se o mínění jednoho učitele, který pobliže Goting v Prusku prosí, že v tomto kraji je to však jen dobré tedy, když mnoho lidé odejdou do měst i továren. Dělník si zde nemusí vůbec nic. Práce mladé a snad ani si nemyslí, že o tom již. Dle kusu je však dobře práce v polích: cena práce je snad větší, ale služba tvrdší. Dělníci odchází do měst za lehčí prací a výdělkem. Z toho vidno, že by se musel rozšířit zájem o pole a dokázat, že není dobré, kdyby opustili vše v dětství. Zajisté se musí dobře poznat, že takový pohyb bude vždy, kde se poměry tak velmi mění. Tam kde nejsou dávky velké, dělníci zůstávají. Ale kde se z polí nic nevyrábí, tam však odchází každý. Je proto třeba, aby zde byl dán pěkný kus pole pro každého. Tato myšlenka se však prosadí, a jistě by k tomu pomohla. Rolnictví se tak opět může vzmoci.

Slovácké výšivky

vzbudily také na světové pařížské výstavě obdiv; šel, že slávu a sisk těží — Maďaři, kteří si je v celé připsali za výrobky své a vystavují, ač poukázali už dne na hroby starých slováckých, což zjištěno od výstavky r. 1887 v Turčanském sv. Martině. Bylo by záhodno, kdyby v Praze „Jednota českoslovanská“ i na tomto poli pracovala a hleděla pomocí družstva neb nové zařízení pro lidový umělecký průmysl získati odbyt pro výšivky, a pořídila jim zvláštní výstavu. Prospěšno bylo by se v příčinách výrobků dohodnouti tak, aby bylo, lze jim prodat lépe a tak by se chudým vrstvám slovackým. Také naše dámy a to by se vyšíváním podílely a prodáváním pomohly.

Také „šlechta“ pro lid.

Ve Vídni vypomáhají si, že Buda-Pest jest vlastně hlavním městem rakouským, a že z Vídně jinak jest věru pro Budapešť jako vedlejší. Časopisy rakousko-maďarské o tom dobře vědí, proto i při tom pamatují. Na prospěch ze dne jest vídeňská strana jinak snad nejsilnější. Ale slavné město jest dnes zastoupeno i jinými lidmi, kteří jsou velmi zasloužilí. Tak že Vídeň i Pešť mají se zajisté čemu učiti. Obrázek jest vskutku velmi zajímavý. Ostatně celá věc je jen ukázkou, jaké rozdíly jsou v Rakousku.

Sec. dem. poslanec Berner zmizel.

Od uzavření říšské rady již poslanec Berner má svůj obvod volební a ohled z Vídně. Rovněž se zdá, že jeho časopis „Duch Času“. Poslanec Berner to ani vydělat mimo bude; své i v bídě, tak že se mu zle vede. Ale je jisto, že i tak pro své druhy přijde jednou.

Spadl s lešení.

Při přestavbě školní budovy v Josefově zaměstnaný 18letý zedník V. Skrovný z Jasené zdravotním náhodou spadl s lešení a následkem těžkých ran brzy zemřel.

Jak dávno se topí kamenným uhlím?

V archivu opatství Klosterrade v Holandě nalezena byla listina, z níž dle záznamu mnichů vysvítá, že kamenné uhlí k topení se dobývalo již 1113 v Kerkrade (Kirchrath) na holandských hranicích a to nepřetržitě stále až na tyto dny.

Zakázané léčivo.

Jelikož v poslední době objevily se v některých listech inseráty odporučující dra. Williama pilulky („Pinko-y“) proti chudokrevnosti, nervose a přesmyslnosti, připomíná se, že ministerstvo vnitra tento léčivý prostředek zakázalo a že je tedy i jeho prodej v Rakousku jest zakázán.

Při úředních školách

v Sarajevu a Mostaru jsou zřízeny vzorné kuchyně, kde se dívky zároveň učí vaření. — Učitelky bosenské se smějí provdati, smí zůstati pro důvod to v tom i o to vyučování.

Přísloví ruská.

Hlava všemu základ. — Nový měšec nezvyklí každé noci. — Vyspitý slovo v ruce ne trží. — Jaké sluhy, takové šlechtické rokávy; bude lépe, kdyby za ním když ve slova. — V dětí jízda nemusí, ať si ve vedra též. — Prvou písničku zazdíval, ze zazpívá! — Nejlépe do studně, nuhož vody se napije; — Stáře zlý a stárne. — Z podrážky se vzdor dělat. — Nic do-to, proti bílému i jí. — Na svou stranu ve slzách, dobře se čeká. — Kde zlý, ten jí, a v čem mluví chtějí. — Bolestí velké, ani to mluviti nemůžu. — Lenivého obohatí, a hloupého pomůže, ale mrtvého nezbudíš. — Žít — umírati, umírat učit se. — Štika hlavou, se sleduje, i na dnu. — Řečeno — — jděte, se nemý. — Jak kdo vychová, tak si sám si zaslouží. — Hodně vysoko, vlk lesy kradí. — Kde nás pozor, dá se dobře vést. — Dar přijal ten, kdo nosíval, oč žádá.

Něco o čínském novinářství.

Jedno z nejznámějších a nejčilejších osobností, čínských žurnalistických novin, jest Čchanka M. Smithová, vydavatelka „Peking and Tientsin Times“, který je v Tchien-tsinu. Čína podle toho, zvláště, ale ani tady dlouho v novinářství. Nedávno taková jedna novinářka tam otevřela svou redakci a ukázala, že ženy se nebojí zde v Číně, tak jako v Anglii. Velké čínské listy, které v novinách dosud vydávány, pochází prvně od Evropanů. Ale dnes již i Číňané vydávají dosti mnoho listů. Tyto listy však musí vycházeti s povolením úřadů, neboť čínská vláda jich nedůvěřuje. Smithová již musí velmi dbát, aby její noviny správně vyšly. Tam se vše zkoumá a redaktor musí být vždy opatrný. Tak i u nás, jak se vidí.

Z Kyšperka.

(Oslava Husa. — Dětská ochrana. — Sv. misie). Dne 5. července večer nedělním svolal obecního vojště vodní slavnost k Husovi. Dětská ochrana v Kyšperku se o celé dítky stará a s nimi na místě, kde slavnost bude. Pak mise svaté, které se zde odbývaly, měly velmi pěkný výsledek. Z celého okolí přišli lidé, aby mohli slyšet slovo boží. Zajisté to svědčí, jak dobrý lid je zde v Kyšperku a jeho okolí. Děkujeme všem, kdo pomohli. Celé však pěkné. Zvláště zajímavý byl průvod s korouhvemi, kde šla i mládež ve slavnostním oděvu. Ať se jim daří.

Farář a katecheti vedli celou věc. Vděčně se vzpomíná na celé slavnosti. Jinak bylo v Kyšperku ticho a bez nehody, jak má býti. Ubohá snad ještě zotaví se po požáru i ti, kteří nejvíce utrpěli.
